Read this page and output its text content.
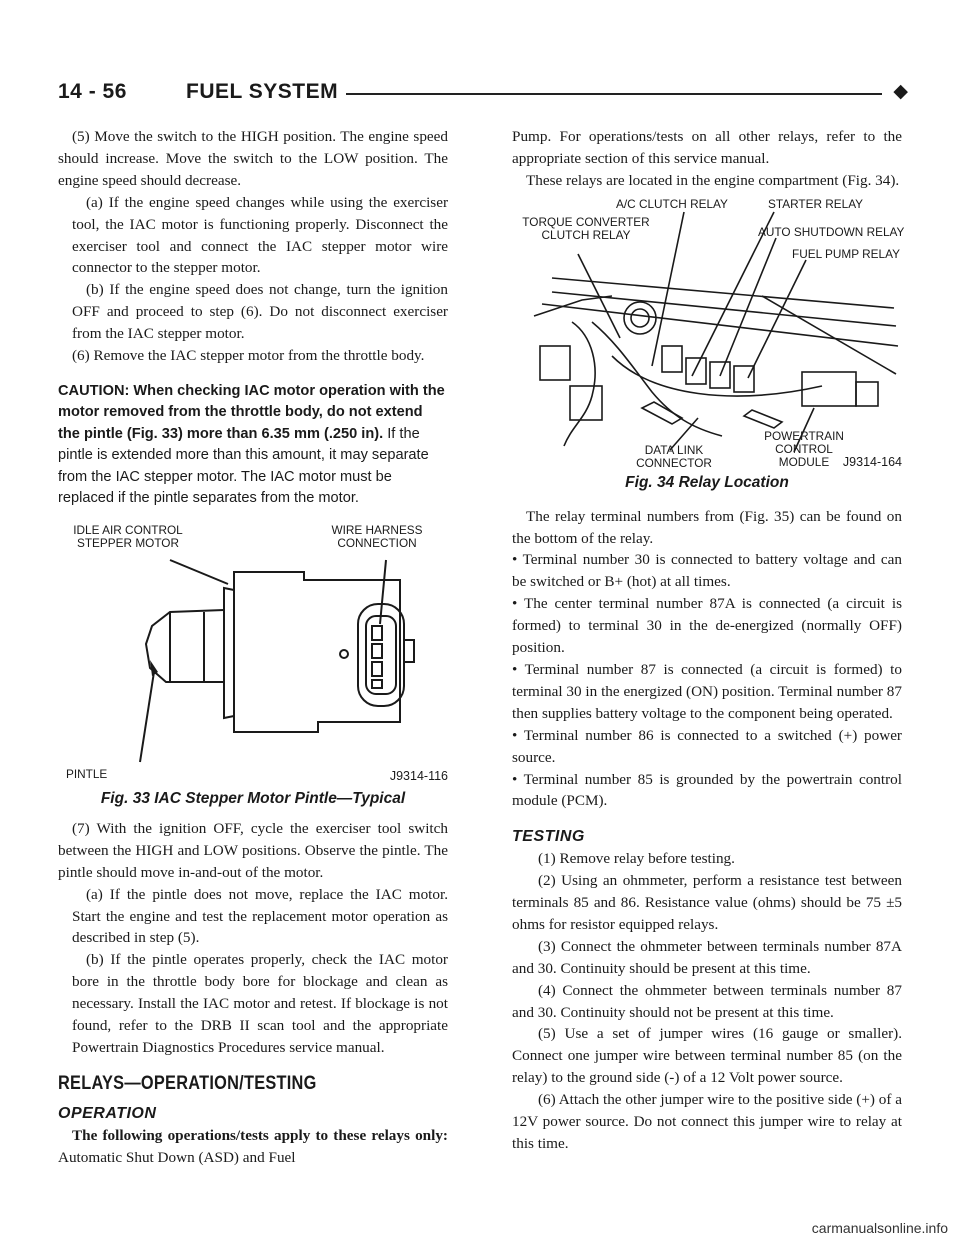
14 - 56	FUEL SYSTEM	◆

(5) Move the switch to the HIGH position. The engine speed should increase. Move the switch to the LOW position. The engine speed should decrease.

(a) If the engine speed changes while using the exerciser tool, the IAC motor is functioning properly. Disconnect the exerciser tool and connect the IAC stepper motor wire connector to the stepper motor.

(b) If the engine speed does not change, turn the ignition OFF and proceed to step (6). Do not disconnect exerciser from the IAC stepper motor.

(6) Remove the IAC stepper motor from the throttle body.

CAUTION: When checking IAC motor operation with the motor removed from the throttle body, do not extend the pintle (Fig. 33) more than 6.35 mm (.250 in). If the pintle is extended more than this amount, it may separate from the IAC stepper motor. The IAC motor must be replaced if the pintle separates from the motor.

IDLE AIR CONTROL STEPPER MOTOR
WIRE HARNESS CONNECTION
PINTLE	J9314-116

Fig. 33 IAC Stepper Motor Pintle—Typical

(7) With the ignition OFF, cycle the exerciser tool switch between the HIGH and LOW positions. Observe the pintle. The pintle should move in-and-out of the motor.

(a) If the pintle does not move, replace the IAC motor. Start the engine and test the replacement motor operation as described in step (5).

(b) If the pintle operates properly, check the IAC motor bore in the throttle body bore for blockage and clean as necessary. Install the IAC motor and retest. If blockage is not found, refer to the DRB II scan tool and the appropriate Powertrain Diagnostics Procedures service manual.

RELAYS—OPERATION/TESTING

OPERATION

The following operations/tests apply to these relays only: Automatic Shut Down (ASD) and Fuel

Pump. For operations/tests on all other relays, refer to the appropriate section of this service manual.

These relays are located in the engine compartment (Fig. 34).

A/C CLUTCH RELAY	STARTER RELAY
TORQUE CONVERTER CLUTCH RELAY	AUTO SHUTDOWN RELAY
FUEL PUMP RELAY
DATA LINK CONNECTOR
POWERTRAIN CONTROL MODULE	J9314-164

Fig. 34 Relay Location

The relay terminal numbers from (Fig. 35) can be found on the bottom of the relay.

• Terminal number 30 is connected to battery voltage and can be switched or B+ (hot) at all times.

• The center terminal number 87A is connected (a circuit is formed) to terminal 30 in the de-energized (normally OFF) position.

• Terminal number 87 is connected (a circuit is formed) to terminal 30 in the energized (ON) position. Terminal number 87 then supplies battery voltage to the component being operated.

• Terminal number 86 is connected to a switched (+) power source.

• Terminal number 85 is grounded by the powertrain control module (PCM).

TESTING

(1) Remove relay before testing.

(2) Using an ohmmeter, perform a resistance test between terminals 85 and 86. Resistance value (ohms) should be 75 ±5 ohms for resistor equipped relays.

(3) Connect the ohmmeter between terminals number 87A and 30. Continuity should be present at this time.

(4) Connect the ohmmeter between terminals number 87 and 30. Continuity should not be present at this time.

(5) Use a set of jumper wires (16 gauge or smaller). Connect one jumper wire between terminal number 85 (on the relay) to the ground side (-) of a 12 Volt power source.

(6) Attach the other jumper wire to the positive side (+) of a 12V power source. Do not connect this jumper wire to relay at this time.

carmanualsonline.info
